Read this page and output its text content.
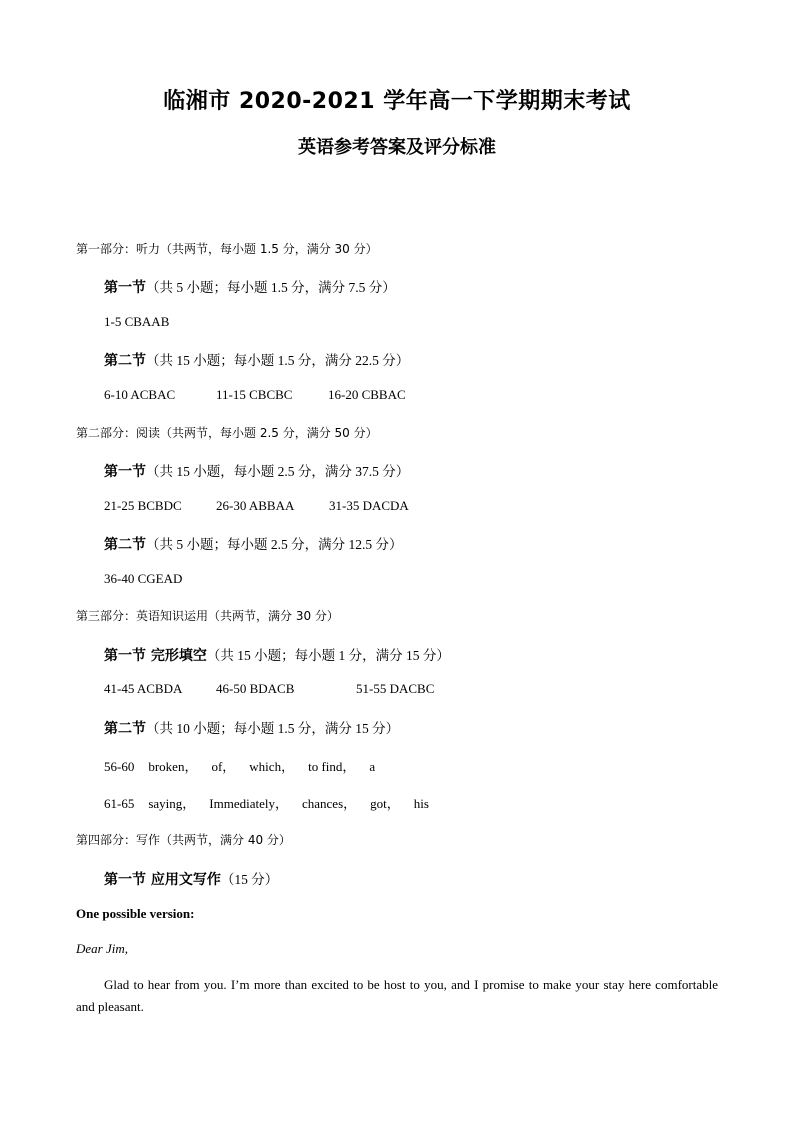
临湘市 2020-2021 学年高一下学期期末考试
英语参考答案及评分标准
第一部分：听力（共两节，每小题 1.5 分，满分 30 分）
第一节（共 5 小题；每小题 1.5 分，满分 7.5 分）
1-5 CBAAB
第二节（共 15 小题；每小题 1.5 分，满分 22.5 分）
6-10 ACBAC	11-15 CBCBC	16-20 CBBAC
第二部分：阅读（共两节，每小题 2.5 分，满分 50 分）
第一节（共 15 小题，每小题 2.5 分，满分 37.5 分）
21-25 BCBDC	26-30 ABBAA	31-35 DACDA
第二节（共 5 小题；每小题 2.5 分，满分 12.5 分）
36-40 CGEAD
第三部分：英语知识运用（共两节，满分 30 分）
第一节 完形填空（共 15 小题；每小题 1 分，满分 15 分）
41-45 ACBDA	46-50 BDACB	51-55 DACBC
第二节（共 10 小题；每小题 1.5 分，满分 15 分）
56-60 broken， of， which， to find， a
61-65 saying， Immediately， chances， got， his
第四部分：写作（共两节，满分 40 分）
第一节 应用文写作（15 分）
One possible version:
Dear Jim,
Glad to hear from you. I’m more than excited to be host to you, and I promise to make your stay here comfortable and pleasant.
